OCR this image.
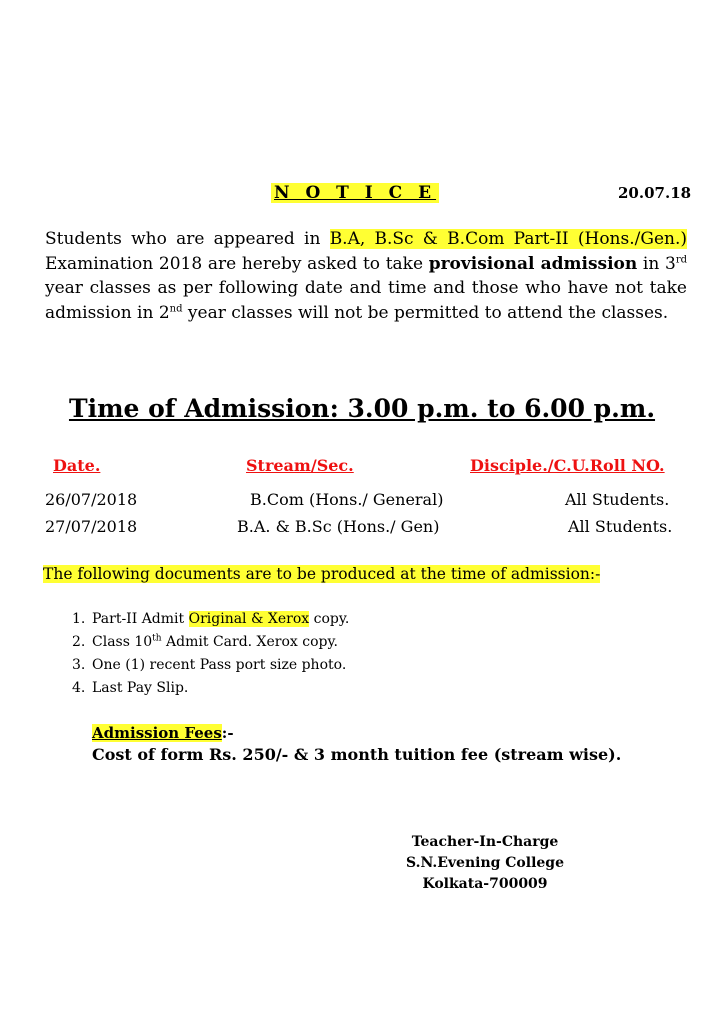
N O T I C E	20.07.18
Students who are appeared in B.A, B.Sc & B.Com Part-II (Hons./Gen.) Examination 2018 are hereby asked to take provisional admission in 3rd year classes as per following date and time and those who have not take admission in 2nd year classes will not be permitted to attend the classes.
Time of Admission: 3.00 p.m. to 6.00 p.m.
Date.	Stream/Sec.	Disciple./C.U.Roll NO.
26/07/2018	B.Com (Hons./ General)	All Students.
27/07/2018	B.A. & B.Sc (Hons./ Gen)	All Students.
The following documents are to be produced at the time of admission:-
1. Part-II Admit Original & Xerox copy.
2. Class 10th Admit Card. Xerox copy.
3. One (1) recent Pass port size photo.
4. Last Pay Slip.
Admission Fees:-
Cost of form Rs. 250/- & 3 month tuition fee (stream wise).
Teacher-In-Charge
S.N.Evening College
Kolkata-700009
